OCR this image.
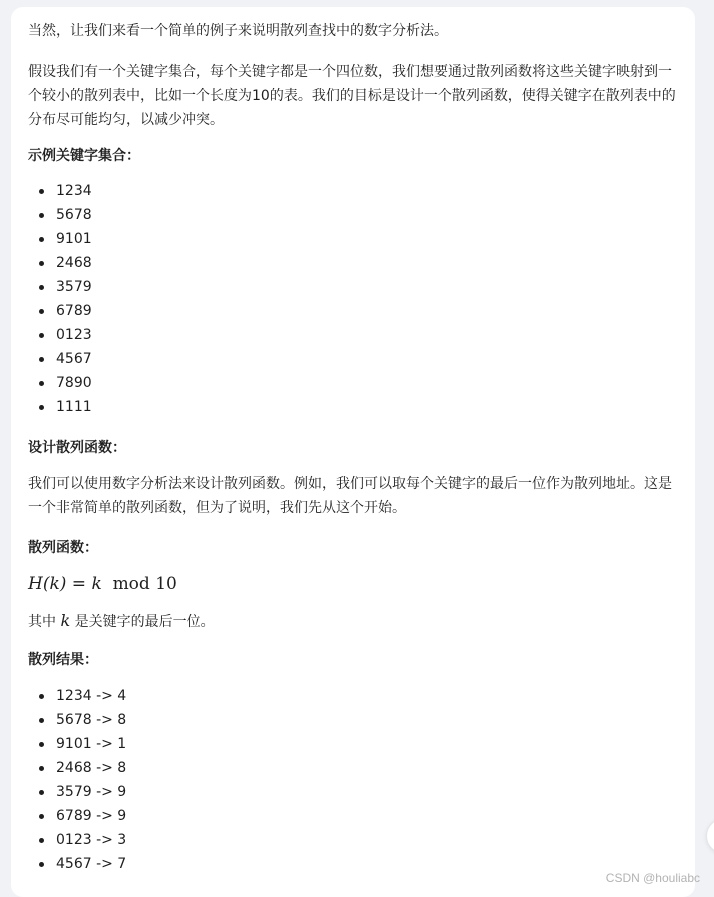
当然，让我们来看一个简单的例子来说明散列查找中的数字分析法。

假设我们有一个关键字集合，每个关键字都是一个四位数，我们想要通过散列函数将这些关键字映射到一个较小的散列表中，比如一个长度为10的表。我们的目标是设计一个散列函数，使得关键字在散列表中的分布尽可能均匀，以减少冲突。

示例关键字集合：
1234
5678
9101
2468
3579
6789
0123
4567
7890
1111
设计散列函数：

我们可以使用数字分析法来设计散列函数。例如，我们可以取每个关键字的最后一位作为散列地址。这是一个非常简单的散列函数，但为了说明，我们先从这个开始。

散列函数：
H(k) = k mod 10

其中 k 是关键字的最后一位。

散列结果：
1234 -> 4
5678 -> 8
9101 -> 1
2468 -> 8
3579 -> 9
6789 -> 9
0123 -> 3
4567 -> 7
CSDN @houliabc
